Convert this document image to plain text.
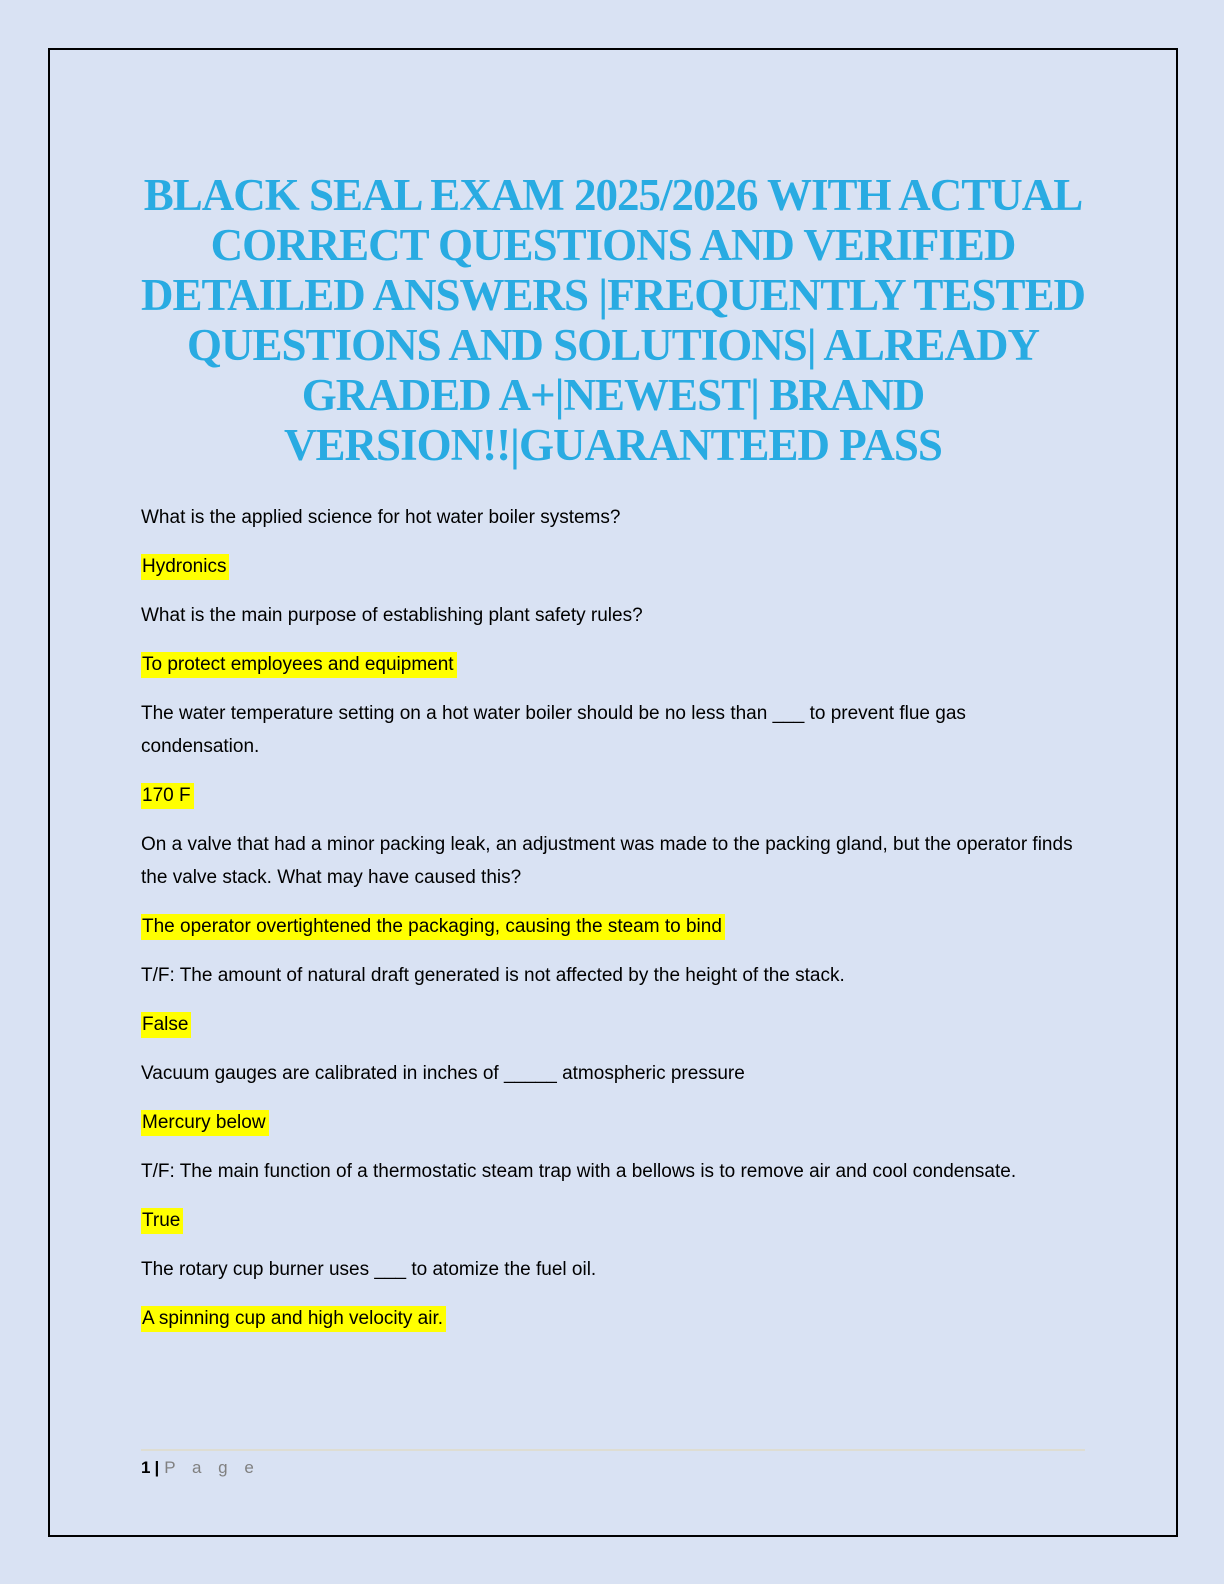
BLACK SEAL EXAM 2025/2026 WITH ACTUAL
CORRECT QUESTIONS AND VERIFIED
DETAILED ANSWERS |FREQUENTLY TESTED
QUESTIONS AND SOLUTIONS| ALREADY
GRADED A+|NEWEST| BRAND
VERSION!!|GUARANTEED PASS

What is the applied science for hot water boiler systems?

Hydronics

What is the main purpose of establishing plant safety rules?

To protect employees and equipment

The water temperature setting on a hot water boiler should be no less than ___ to prevent flue gas condensation.

170 F

On a valve that had a minor packing leak, an adjustment was made to the packing gland, but the operator finds the valve stack. What may have caused this?

The operator overtightened the packaging, causing the steam to bind

T/F: The amount of natural draft generated is not affected by the height of the stack.

False

Vacuum gauges are calibrated in inches of _____ atmospheric pressure

Mercury below

T/F: The main function of a thermostatic steam trap with a bellows is to remove air and cool condensate.

True

The rotary cup burner uses ___ to atomize the fuel oil.

A spinning cup and high velocity air.

1 | P a g e
